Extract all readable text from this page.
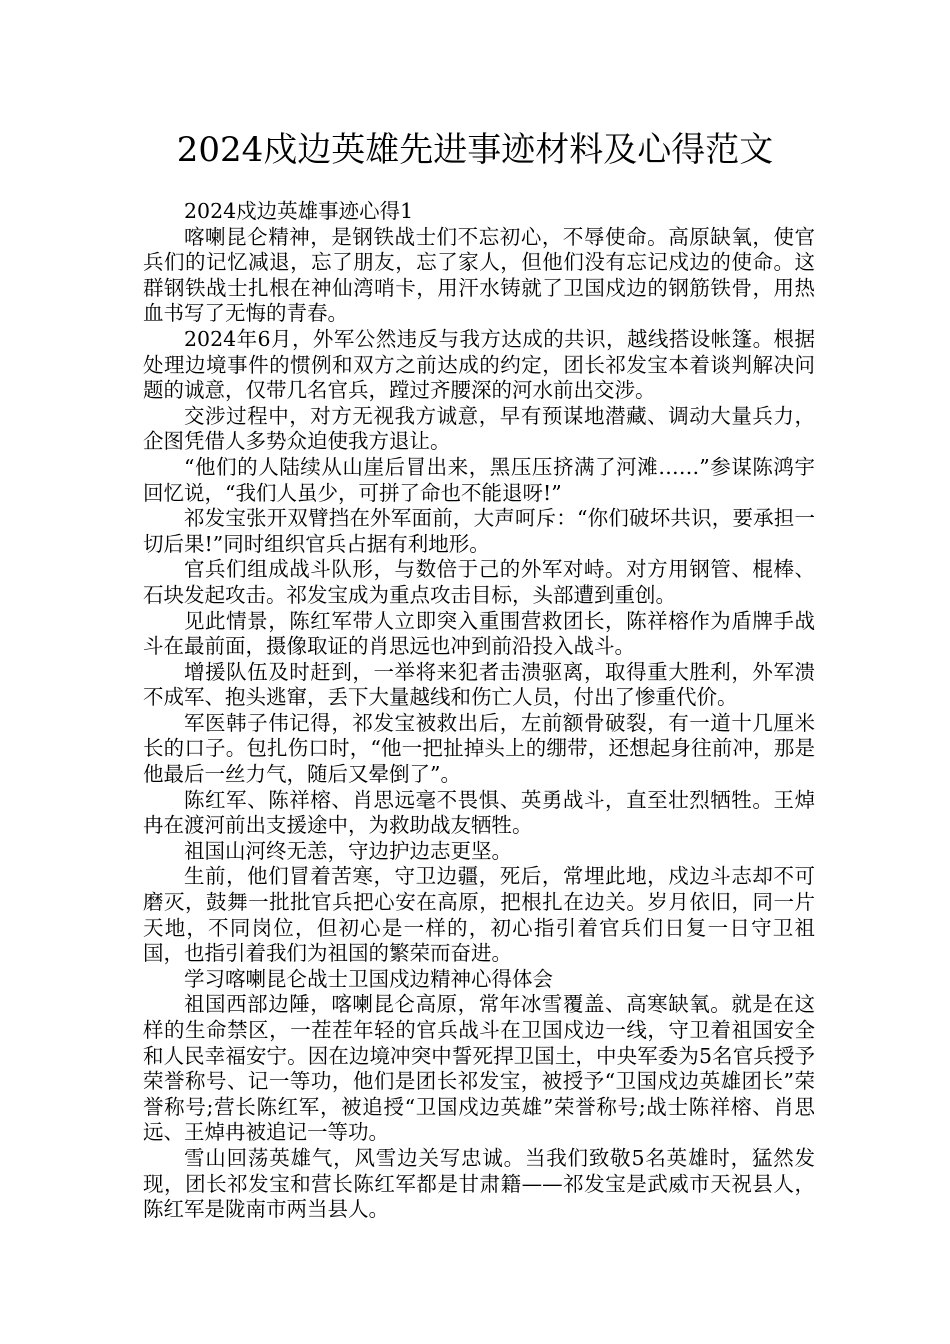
2024戍边英雄先进事迹材料及心得范文

2024戍边英雄事迹心得1

喀喇昆仑精神，是钢铁战士们不忘初心，不辱使命。高原缺氧，使官兵们的记忆减退，忘了朋友，忘了家人，但他们没有忘记戍边的使命。这群钢铁战士扎根在神仙湾哨卡，用汗水铸就了卫国戍边的钢筋铁骨，用热血书写了无悔的青春。

2024年6月，外军公然违反与我方达成的共识，越线搭设帐篷。根据处理边境事件的惯例和双方之前达成的约定，团长祁发宝本着谈判解决问题的诚意，仅带几名官兵，蹚过齐腰深的河水前出交涉。

交涉过程中，对方无视我方诚意，早有预谋地潜藏、调动大量兵力，企图凭借人多势众迫使我方退让。

“他们的人陆续从山崖后冒出来，黑压压挤满了河滩……”参谋陈鸿宇回忆说，“我们人虽少，可拼了命也不能退呀!”

祁发宝张开双臂挡在外军面前，大声呵斥：“你们破坏共识，要承担一切后果!”同时组织官兵占据有利地形。

官兵们组成战斗队形，与数倍于己的外军对峙。对方用钢管、棍棒、石块发起攻击。祁发宝成为重点攻击目标，头部遭到重创。

见此情景，陈红军带人立即突入重围营救团长，陈祥榕作为盾牌手战斗在最前面，摄像取证的肖思远也冲到前沿投入战斗。

增援队伍及时赶到，一举将来犯者击溃驱离，取得重大胜利，外军溃不成军、抱头逃窜，丢下大量越线和伤亡人员，付出了惨重代价。

军医韩子伟记得，祁发宝被救出后，左前额骨破裂，有一道十几厘米长的口子。包扎伤口时，“他一把扯掉头上的绷带，还想起身往前冲，那是他最后一丝力气，随后又晕倒了”。

陈红军、陈祥榕、肖思远毫不畏惧、英勇战斗，直至壮烈牺牲。王焯冉在渡河前出支援途中，为救助战友牺牲。

祖国山河终无恙，守边护边志更坚。

生前，他们冒着苦寒，守卫边疆，死后，常埋此地，戍边斗志却不可磨灭，鼓舞一批批官兵把心安在高原，把根扎在边关。岁月依旧，同一片天地，不同岗位，但初心是一样的，初心指引着官兵们日复一日守卫祖国，也指引着我们为祖国的繁荣而奋进。

学习喀喇昆仑战士卫国戍边精神心得体会

祖国西部边陲，喀喇昆仑高原，常年冰雪覆盖、高寒缺氧。就是在这样的生命禁区，一茬茬年轻的官兵战斗在卫国戍边一线，守卫着祖国安全和人民幸福安宁。因在边境冲突中誓死捍卫国土，中央军委为5名官兵授予荣誉称号、记一等功，他们是团长祁发宝，被授予“卫国戍边英雄团长”荣誉称号;营长陈红军，被追授“卫国戍边英雄”荣誉称号;战士陈祥榕、肖思远、王焯冉被追记一等功。

雪山回荡英雄气，风雪边关写忠诚。当我们致敬5名英雄时，猛然发现，团长祁发宝和营长陈红军都是甘肃籍——祁发宝是武威市天祝县人，陈红军是陇南市两当县人。
